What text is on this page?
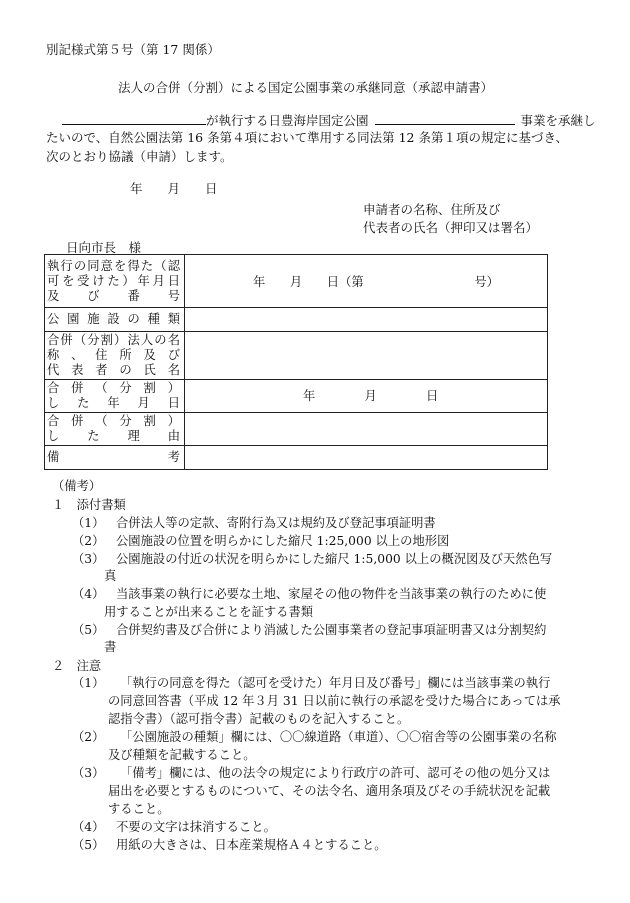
別記様式第５号（第 17 関係）
法人の合併（分割）による国定公園事業の承継同意（承認申請書）
が執行する日豊海岸国定公園	事業を承継し
たいので、自然公園法第 16 条第４項において準用する同法第 12 条第１項の規定に基づき、
次のとおり協議（申請）します。
年　　月　　日
申請者の名称、住所及び
代表者の氏名（押印又は署名）
日向市長　様
執行の同意を得た（認
可を受けた）年月日
及　び　番　号	年　　月　　日（第　　　　　　　　　号）

公園施設の種類	

合併（分割）法人の名
称、住所及び
代表者の氏名	

合併（分割）
した年月日	年　　　　月　　　　日

合併（分割）
した理由	

備　　　考	

（備考）
１　添付書類
（1） 合併法人等の定款、寄附行為又は規約及び登記事項証明書
（2） 公園施設の位置を明らかにした縮尺 1:25,000 以上の地形図
（3） 公園施設の付近の状況を明らかにした縮尺 1:5,000 以上の概況図及び天然色写
真
（4） 当該事業の執行に必要な土地、家屋その他の物件を当該事業の執行のために使
用することが出来ることを証する書類
（5） 合併契約書及び合併により消滅した公園事業者の登記事項証明書又は分割契約
書
２　注意
（1） 「執行の同意を得た（認可を受けた）年月日及び番号」欄には当該事業の執行
の同意回答書（平成 12 年３月 31 日以前に執行の承認を受けた場合にあっては承
認指令書）（認可指令書）記載のものを記入すること。
（2） 「公園施設の種類」欄には、〇〇線道路（車道）、〇〇宿舎等の公園事業の名称
及び種類を記載すること。
（3） 「備考」欄には、他の法令の規定により行政庁の許可、認可その他の処分又は
届出を必要とするものについて、その法令名、適用条項及びその手続状況を記載
すること。
（4） 不要の文字は抹消すること。
（5） 用紙の大きさは、日本産業規格Ａ４とすること。
